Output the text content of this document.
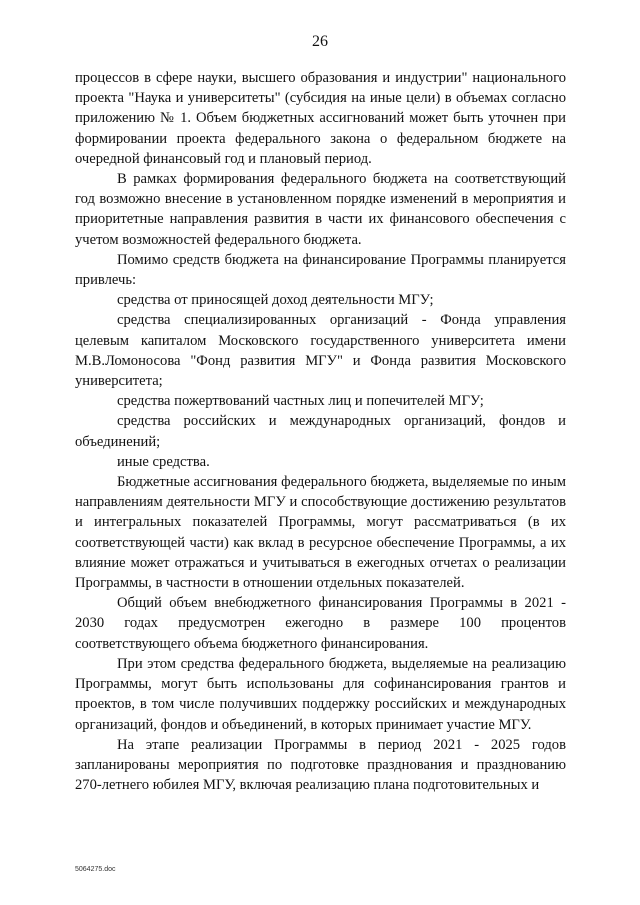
26

процессов в сфере науки, высшего образования и индустрии" национального проекта "Наука и университеты" (субсидия на иные цели) в объемах согласно приложению № 1. Объем бюджетных ассигнований может быть уточнен при формировании проекта федерального закона о федеральном бюджете на очередной финансовый год и плановый период.

В рамках формирования федерального бюджета на соответствующий год возможно внесение в установленном порядке изменений в мероприятия и приоритетные направления развития в части их финансового обеспечения с учетом возможностей федерального бюджета.

Помимо средств бюджета на финансирование Программы планируется привлечь:

средства от приносящей доход деятельности МГУ;

средства специализированных организаций - Фонда управления целевым капиталом Московского государственного университета имени М.В.Ломоносова "Фонд развития МГУ" и Фонда развития Московского университета;

средства пожертвований частных лиц и попечителей МГУ;

средства российских и международных организаций, фондов и объединений;

иные средства.

Бюджетные ассигнования федерального бюджета, выделяемые по иным направлениям деятельности МГУ и способствующие достижению результатов и интегральных показателей Программы, могут рассматриваться (в их соответствующей части) как вклад в ресурсное обеспечение Программы, а их влияние может отражаться и учитываться в ежегодных отчетах о реализации Программы, в частности в отношении отдельных показателей.

Общий объем внебюджетного финансирования Программы в 2021 - 2030 годах предусмотрен ежегодно в размере 100 процентов соответствующего объема бюджетного финансирования.

При этом средства федерального бюджета, выделяемые на реализацию Программы, могут быть использованы для софинансирования грантов и проектов, в том числе получивших поддержку российских и международных организаций, фондов и объединений, в которых принимает участие МГУ.

На этапе реализации Программы в период 2021 - 2025 годов запланированы мероприятия по подготовке празднования и празднованию 270-летнего юбилея МГУ, включая реализацию плана подготовительных и

5064275.doc
